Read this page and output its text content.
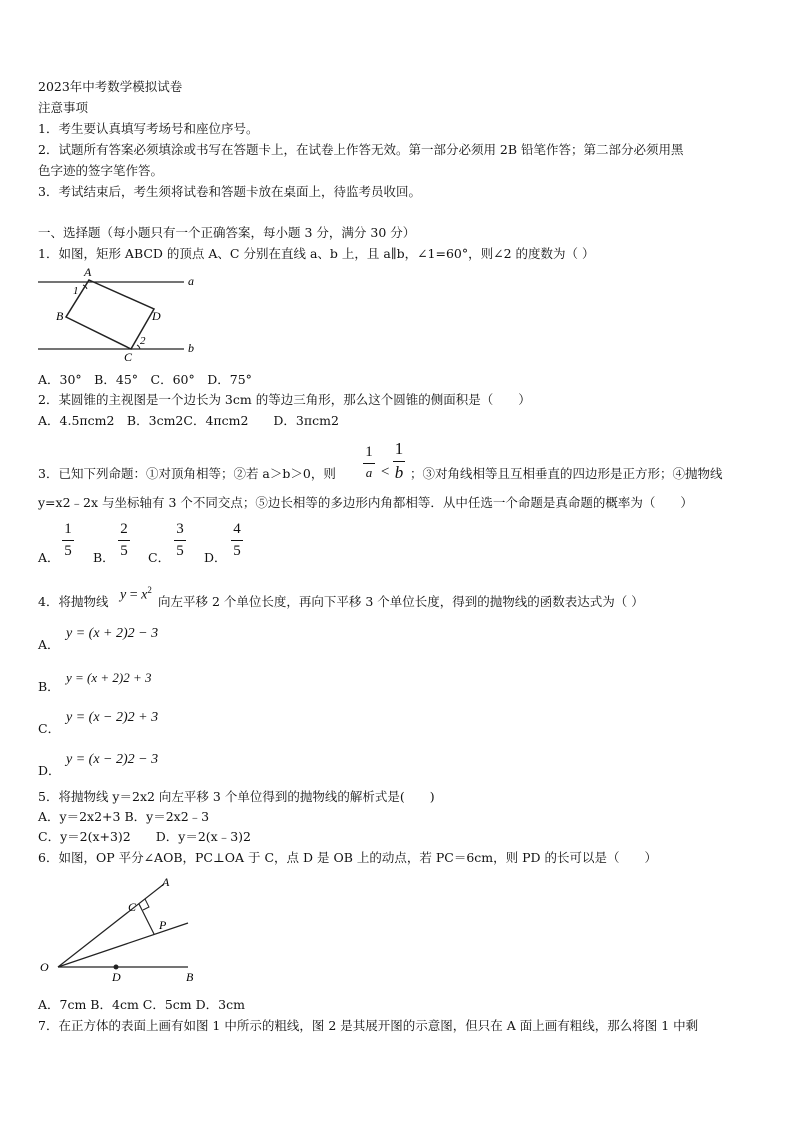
2023年中考数学模拟试卷
注意事项
1．考生要认真填写考场号和座位序号。
2．试题所有答案必须填涂或书写在答题卡上，在试卷上作答无效。第一部分必须用 2B 铅笔作答；第二部分必须用黑
色字迹的签字笔作答。
3．考试结束后，考生须将试卷和答题卡放在桌面上，待监考员收回。
一、选择题（每小题只有一个正确答案，每小题 3 分，满分 30 分）
1．如图，矩形 ABCD 的顶点 A、C 分别在直线 a、b 上，且 a∥b，∠1=60°，则∠2 的度数为（ ）
A
B
C
D
a
b
1
2
A．30°　B．45°　C．60°　D．75°
2．某圆锥的主视图是一个边长为 3cm 的等边三角形，那么这个圆锥的侧面积是（　　）
A．4.5πcm2　B．3cm2C．4πcm2　　D．3πcm2
3．已知下列命题：①对顶角相等；②若 a＞b＞0，则
1
a <
1
b ；③对角线相等且互相垂直的四边形是正方形；④抛物线
y=x2﹣2x 与坐标轴有 3 个不同交点；⑤边长相等的多边形内角都相等．从中任选一个命题是真命题的概率为（　　）
A．
1
5 B．
2
5 C．
3
5 D．
4
5
4．将抛物线 $y = x^2$
向左平移 2 个单位长度，再向下平移 3 个单位长度，得到的抛物线的函数表达式为（ ）
A．
y = (x + 2)2 − 3
B．
y = (x + 2)2 + 3
C．
y = (x − 2)2 + 3
D．
y = (x − 2)2 − 3
5．将抛物线 y＝2x2 向左平移 3 个单位得到的抛物线的解析式是(　　)
A．y＝2x2+3 B．y＝2x2﹣3
C．y＝2(x+3)2　　D．y＝2(x﹣3)2
6．如图，OP 平分∠AOB，PC⊥OA 于 C，点 D 是 OB 上的动点，若 PC＝6cm，则 PD 的长可以是（　　）
O
A
B
C
P
D
A．7cm B．4cm C．5cm D．3cm
7．在正方体的表面上画有如图 1 中所示的粗线，图 2 是其展开图的示意图，但只在 A 面上画有粗线，那么将图 1 中剩
